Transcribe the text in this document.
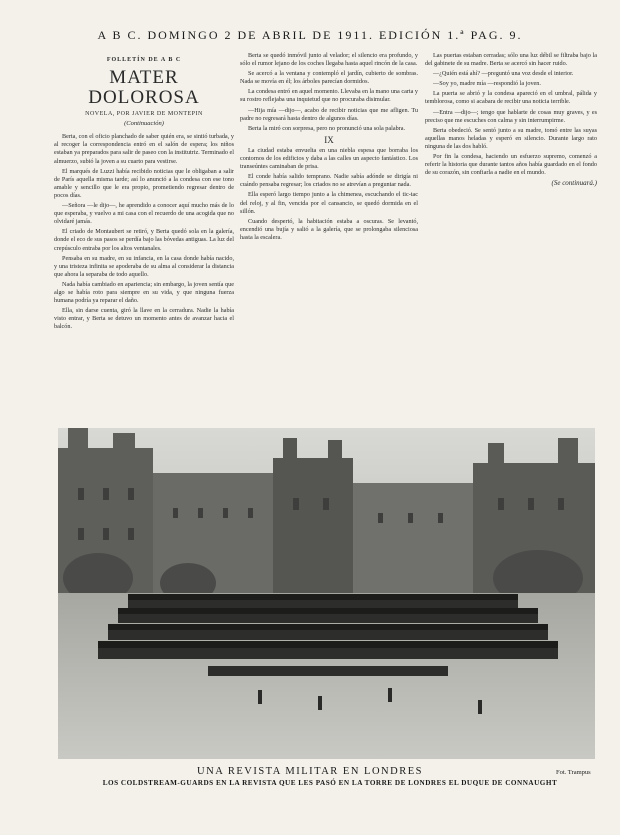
A B C. DOMINGO 2 DE ABRIL DE 1911. EDICIÓN 1.ª PAG. 9.
FOLLETÍN DE A B C
MATER DOLOROSA
NOVELA, POR JAVIER DE MONTEPIN
(Continuación)

Berta, con el oficio planchado de saber quién era, se sintió turbada, y al recoger la correspondencia entró en el salón de espera; los niños estaban ya preparados para salir de paseo con la institutriz. Terminado el almuerzo, subió la joven a su cuarto para vestirse.

El marqués de Luzzi había recibido noticias que le obligaban a salir de París aquella misma tarde; así lo anunció a la condesa con ese tono amable y sencillo que le era propio, prometiendo regresar dentro de pocos días.

—Señora —le dijo—, he aprendido a conocer aquí mucho más de lo que esperaba, y vuelvo a mi casa con el recuerdo de una acogida que no olvidaré jamás.

El criado de Montaubert se retiró, y Berta quedó sola en la galería, donde el eco de sus pasos se perdía bajo las bóvedas antiguas. La luz del crepúsculo entraba por los altos ventanales.

Pensaba en su madre, en su infancia, en la casa donde había nacido, y una tristeza infinita se apoderaba de su alma al considerar la distancia que ahora la separaba de todo aquello.

Nada había cambiado en apariencia; sin embargo, la joven sentía que algo se había roto para siempre en su vida, y que ninguna fuerza humana podría ya reparar el daño.

Ella, sin darse cuenta, giró la llave en la cerradura. Nadie la había visto entrar, y Berta se detuvo un momento antes de avanzar hacia el balcón.

Berta se quedó inmóvil junto al velador; el silencio era profundo, y sólo el rumor lejano de los coches llegaba hasta aquel rincón de la casa.

Se acercó a la ventana y contempló el jardín, cubierto de sombras. Nada se movía en él; los árboles parecían dormidos.

La condesa entró en aquel momento. Llevaba en la mano una carta y su rostro reflejaba una inquietud que no procuraba disimular.

—Hija mía —dijo—, acabo de recibir noticias que me afligen. Tu padre no regresará hasta dentro de algunos días.

Berta la miró con sorpresa, pero no pronunció una sola palabra.

IX

La ciudad estaba envuelta en una niebla espesa que borraba los contornos de los edificios y daba a las calles un aspecto fantástico. Los transeúntes caminaban de prisa.

El conde había salido temprano. Nadie sabía adónde se dirigía ni cuándo pensaba regresar; los criados no se atrevían a preguntar nada.

Ella esperó largo tiempo junto a la chimenea, escuchando el tic-tac del reloj, y al fin, vencida por el cansancio, se quedó dormida en el sillón.

Cuando despertó, la habitación estaba a oscuras. Se levantó, encendió una bujía y salió a la galería, que se prolongaba silenciosa hasta la escalera.

Las puertas estaban cerradas; sólo una luz débil se filtraba bajo la del gabinete de su madre. Berta se acercó sin hacer ruido.

—¿Quién está ahí? —preguntó una voz desde el interior.

—Soy yo, madre mía —respondió la joven.

La puerta se abrió y la condesa apareció en el umbral, pálida y temblorosa, como si acabara de recibir una noticia terrible.

—Entra —dijo—; tengo que hablarte de cosas muy graves, y es preciso que me escuches con calma y sin interrumpirme.

Berta obedeció. Se sentó junto a su madre, tomó entre las suyas aquellas manos heladas y esperó en silencio. Durante largo rato ninguna de las dos habló.

Por fin la condesa, haciendo un esfuerzo supremo, comenzó a referir la historia que durante tantos años había guardado en el fondo de su corazón, sin confiarla a nadie en el mundo.

(Se continuará.)
UNA REVISTA MILITAR EN LONDRES	Fot. Trampus
LOS COLDSTREAM-GUARDS EN LA REVISTA QUE LES PASÓ EN LA TORRE DE LONDRES EL DUQUE DE CONNAUGHT
